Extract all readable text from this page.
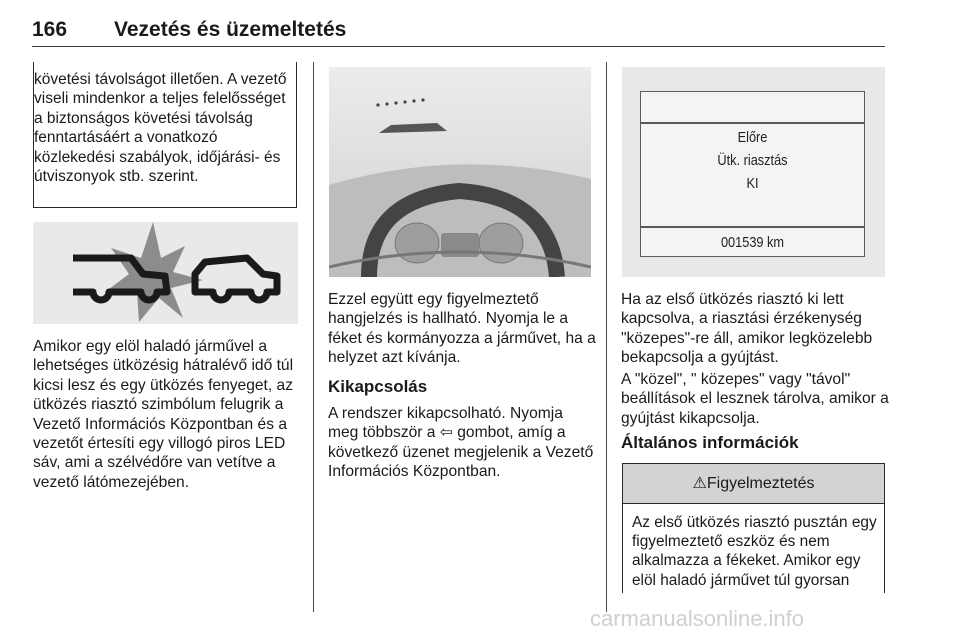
166 Vezetés és üzemeltetés

követési távolságot illetően. A vezető viseli mindenkor a teljes felelősséget a biztonságos követési távolság fenntartásáért a vonatkozó közlekedési szabályok, időjárási- és útviszonyok stb. szerint.

Amikor egy elöl haladó járművel a lehetséges ütközésig hátralévő idő túl kicsi lesz és egy ütközés fenyeget, az ütközés riasztó szimbólum felugrik a Vezető Információs Központban és a vezetőt értesíti egy villogó piros LED sáv, ami a szélvédőre van vetítve a vezető látómezejében.

Ezzel együtt egy figyelmeztető hangjelzés is hallható. Nyomja le a féket és kormányozza a járművet, ha a helyzet azt kívánja.

Kikapcsolás

A rendszer kikapcsolható. Nyomja meg többször a ⇦ gombot, amíg a következő üzenet megjelenik a Vezető Információs Központban.

Előre
Ütk. riasztás
KI
001539 km

Ha az első ütközés riasztó ki lett kapcsolva, a riasztási érzékenység "közepes"-re áll, amikor legközelebb bekapcsolja a gyújtást.

A "közel", " közepes" vagy "távol" beállítások el lesznek tárolva, amikor a gyújtást kikapcsolja.

Általános információk
⚠Figyelmeztetés

Az első ütközés riasztó pusztán egy figyelmeztető eszköz és nem alkalmazza a fékeket. Amikor egy elöl haladó járművet túl gyorsan

carmanualsonline.info
